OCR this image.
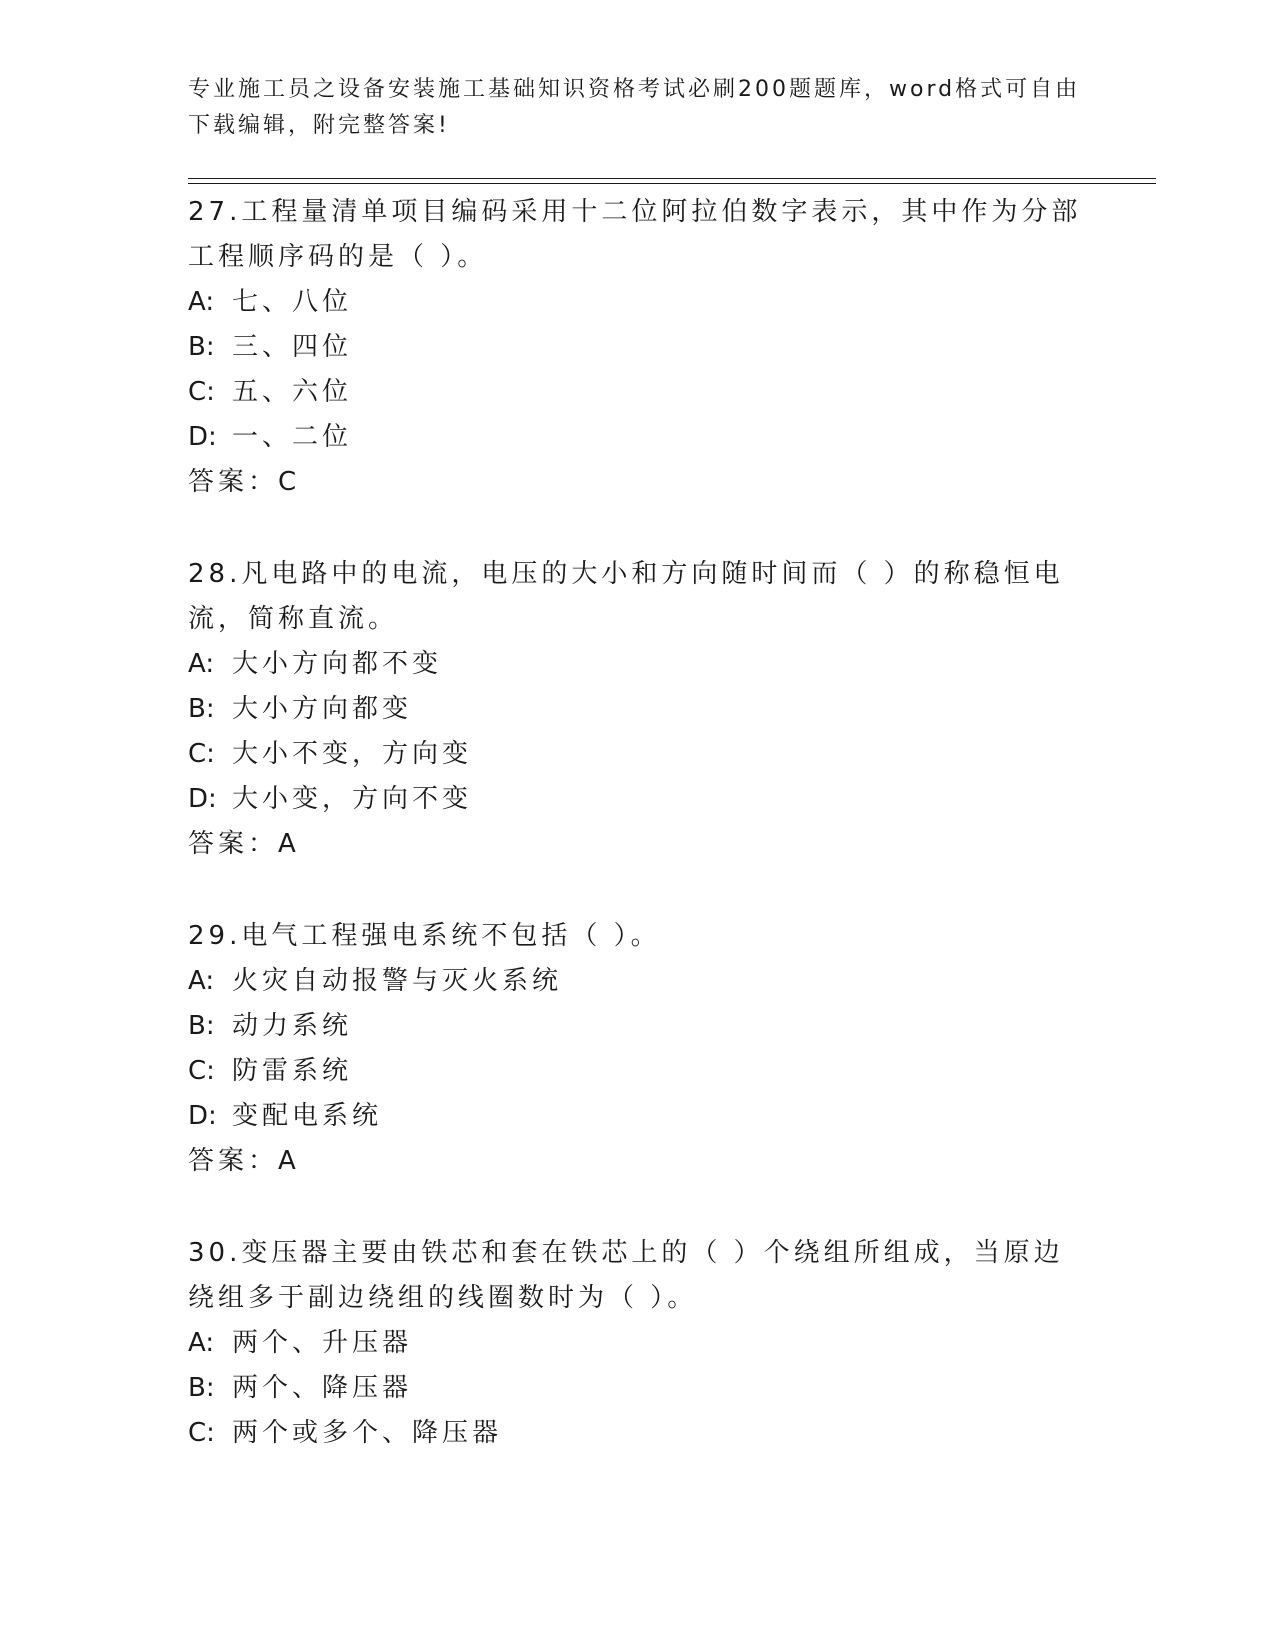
专业施工员之设备安装施工基础知识资格考试必刷200题题库，word格式可自由下载编辑，附完整答案!

27.工程量清单项目编码采用十二位阿拉伯数字表示，其中作为分部工程顺序码的是（ ）。

A: 七、八位

B: 三、四位

C: 五、六位

D: 一、二位

答案：C

28.凡电路中的电流，电压的大小和方向随时间而（ ）的称稳恒电流，简称直流。

A: 大小方向都不变

B: 大小方向都变

C: 大小不变，方向变

D: 大小变，方向不变

答案：A

29.电气工程强电系统不包括（ ）。

A: 火灾自动报警与灭火系统

B: 动力系统

C: 防雷系统

D: 变配电系统

答案：A

30.变压器主要由铁芯和套在铁芯上的（ ）个绕组所组成，当原边绕组多于副边绕组的线圈数时为（ ）。

A: 两个、升压器

B: 两个、降压器

C: 两个或多个、降压器
